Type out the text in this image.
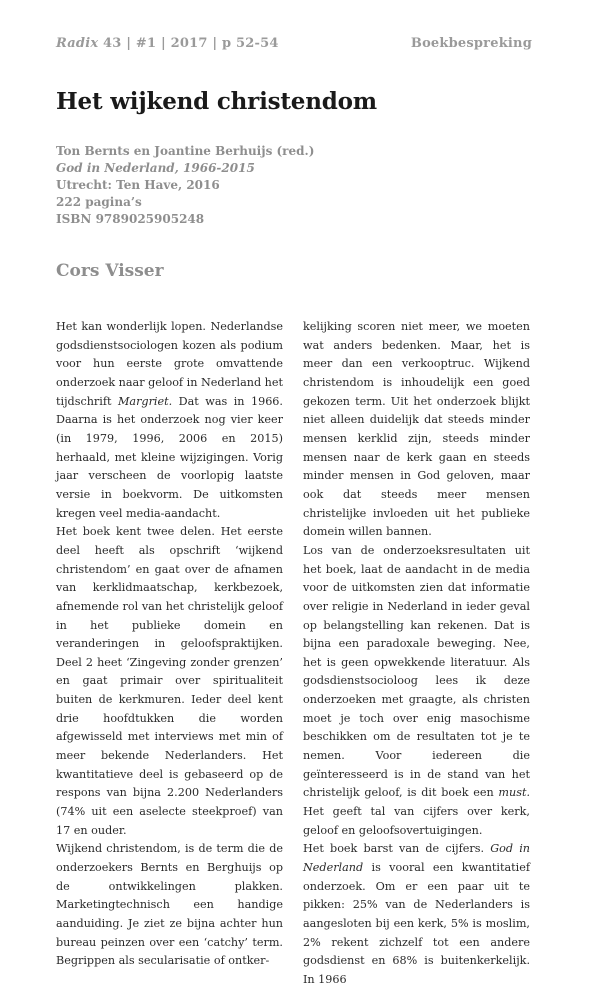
Radix 43 | #1 | 2017 | p 52-54	Boekbespreking
Het wijkend christendom
Ton Bernts en Joantine Berhuijs (red.)
God in Nederland, 1966-2015
Utrecht: Ten Have, 2016
222 pagina’s
ISBN 9789025905248
Cors Visser

Het kan wonderlijk lopen. Nederlandse godsdienstsociologen kozen als podium voor hun eerste grote omvattende onderzoek naar geloof in Nederland het tijdschrift Margriet. Dat was in 1966. Daarna is het onderzoek nog vier keer (in 1979, 1996, 2006 en 2015) herhaald, met kleine wijzigingen. Vorig jaar verscheen de voorlopig laatste versie in boekvorm. De uitkomsten kregen veel media-aandacht.

Het boek kent twee delen. Het eerste deel heeft als opschrift ‘wijkend christendom’ en gaat over de afnamen van kerklidmaatschap, kerkbezoek, afnemende rol van het christelijk geloof in het publieke domein en veranderingen in geloofspraktijken. Deel 2 heet ‘Zingeving zonder grenzen’ en gaat primair over spiritualiteit buiten de kerkmuren. Ieder deel kent drie hoofdtukken die worden afgewisseld met interviews met min of meer bekende Nederlanders. Het kwantitatieve deel is gebaseerd op de respons van bijna 2.200 Nederlanders (74% uit een aselecte steekproef) van 17 en ouder.

Wijkend christendom, is de term die de onderzoekers Bernts en Berghuijs op de ontwikkelingen plakken. Marketingtechnisch een handige aanduiding. Je ziet ze bijna achter hun bureau peinzen over een ‘catchy’ term. Begrippen als secularisatie of ontker-

kelijking scoren niet meer, we moeten wat anders bedenken. Maar, het is meer dan een verkooptruc. Wijkend christendom is inhoudelijk een goed gekozen term. Uit het onderzoek blijkt niet alleen duidelijk dat steeds minder mensen kerklid zijn, steeds minder mensen naar de kerk gaan en steeds minder mensen in God geloven, maar ook dat steeds meer mensen christelijke invloeden uit het publieke domein willen bannen.

Los van de onderzoeksresultaten uit het boek, laat de aandacht in de media voor de uitkomsten zien dat informatie over religie in Nederland in ieder geval op belangstelling kan rekenen. Dat is bijna een paradoxale beweging. Nee, het is geen opwekkende literatuur. Als godsdienstsocioloog lees ik deze onderzoeken met graagte, als christen moet je toch over enig masochisme beschikken om de resultaten tot je te nemen. Voor iedereen die geïnteresseerd is in de stand van het christelijk geloof, is dit boek een must. Het geeft tal van cijfers over kerk, geloof en geloofsovertuigingen.

Het boek barst van de cijfers. God in Nederland is vooral een kwantitatief onderzoek. Om er een paar uit te pikken: 25% van de Nederlanders is aangesloten bij een kerk, 5% is moslim, 2% rekent zichzelf tot een andere godsdienst en 68% is buitenkerkelijk. In 1966
